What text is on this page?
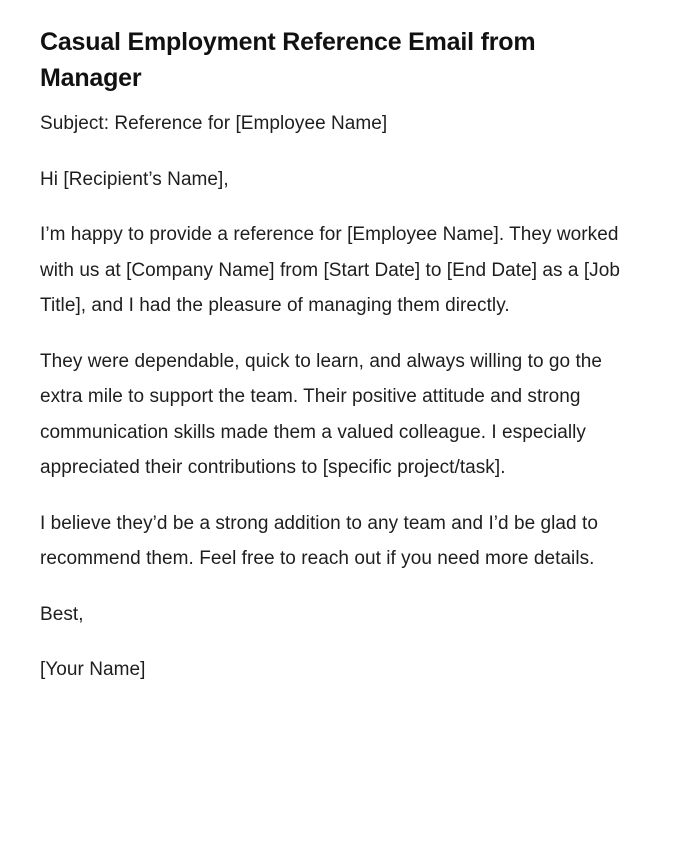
Casual Employment Reference Email from Manager

Subject: Reference for [Employee Name]

Hi [Recipient’s Name],

I’m happy to provide a reference for [Employee Name]. They worked with us at [Company Name] from [Start Date] to [End Date] as a [Job Title], and I had the pleasure of managing them directly.

They were dependable, quick to learn, and always willing to go the extra mile to support the team. Their positive attitude and strong communication skills made them a valued colleague. I especially appreciated their contributions to [specific project/task].

I believe they’d be a strong addition to any team and I’d be glad to recommend them. Feel free to reach out if you need more details.

Best,

[Your Name]
